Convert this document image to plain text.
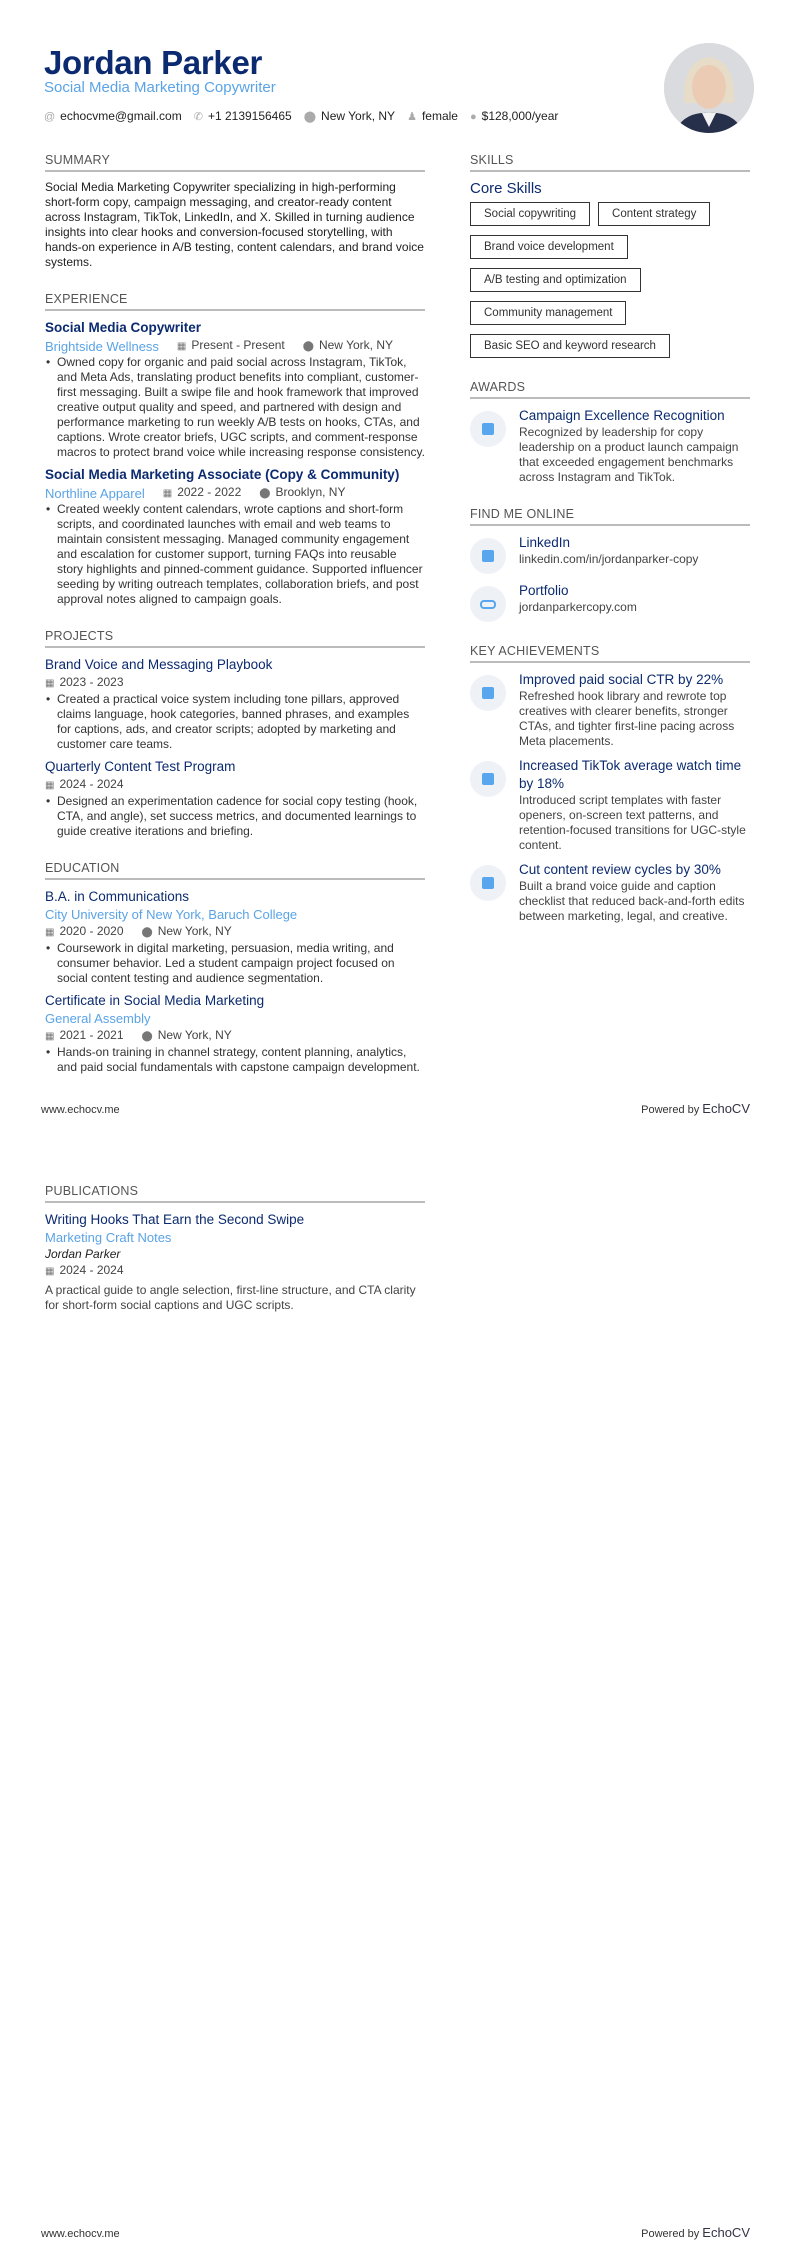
Jordan Parker
Social Media Marketing Copywriter
@ echocvme@gmail.com ✆ +1 2139156465 ⬤ New York, NY ♟ female ● $128,000/year
SUMMARY
Social Media Marketing Copywriter specializing in high-performing short-form copy, campaign messaging, and creator-ready content across Instagram, TikTok, LinkedIn, and X. Skilled in turning audience insights into clear hooks and conversion-focused storytelling, with hands-on experience in A/B testing, content calendars, and brand voice systems.
EXPERIENCE
Social Media Copywriter
Brightside Wellness ▦ Present - Present ⬤ New York, NY
• Owned copy for organic and paid social across Instagram, TikTok, and Meta Ads, translating product benefits into compliant, customer-first messaging. Built a swipe file and hook framework that improved creative output quality and speed, and partnered with design and performance marketing to run weekly A/B tests on hooks, CTAs, and captions. Wrote creator briefs, UGC scripts, and comment-response macros to protect brand voice while increasing response consistency.
Social Media Marketing Associate (Copy & Community)
Northline Apparel ▦ 2022 - 2022 ⬤ Brooklyn, NY
• Created weekly content calendars, wrote captions and short-form scripts, and coordinated launches with email and web teams to maintain consistent messaging. Managed community engagement and escalation for customer support, turning FAQs into reusable story highlights and pinned-comment guidance. Supported influencer seeding by writing outreach templates, collaboration briefs, and post approval notes aligned to campaign goals.
PROJECTS
Brand Voice and Messaging Playbook
▦ 2023 - 2023
• Created a practical voice system including tone pillars, approved claims language, hook categories, banned phrases, and examples for captions, ads, and creator scripts; adopted by marketing and customer care teams.
Quarterly Content Test Program
▦ 2024 - 2024
• Designed an experimentation cadence for social copy testing (hook, CTA, and angle), set success metrics, and documented learnings to guide creative iterations and briefing.
EDUCATION
B.A. in Communications
City University of New York, Baruch College
▦ 2020 - 2020 ⬤ New York, NY
• Coursework in digital marketing, persuasion, media writing, and consumer behavior. Led a student campaign project focused on social content testing and audience segmentation.
Certificate in Social Media Marketing
General Assembly
▦ 2021 - 2021 ⬤ New York, NY
• Hands-on training in channel strategy, content planning, analytics, and paid social fundamentals with capstone campaign development.
SKILLS
Core Skills
Social copywriting	Content strategy
Brand voice development
A/B testing and optimization
Community management
Basic SEO and keyword research
AWARDS
Campaign Excellence Recognition
Recognized by leadership for copy leadership on a product launch campaign that exceeded engagement benchmarks across Instagram and TikTok.
FIND ME ONLINE
LinkedIn
linkedin.com/in/jordanparker-copy
Portfolio
jordanparkercopy.com
KEY ACHIEVEMENTS
Improved paid social CTR by 22%
Refreshed hook library and rewrote top creatives with clearer benefits, stronger CTAs, and tighter first-line pacing across Meta placements.
Increased TikTok average watch time by 18%
Introduced script templates with faster openers, on-screen text patterns, and retention-focused transitions for UGC-style content.
Cut content review cycles by 30%
Built a brand voice guide and caption checklist that reduced back-and-forth edits between marketing, legal, and creative.
www.echocv.me	Powered by EchoCV
PUBLICATIONS
Writing Hooks That Earn the Second Swipe
Marketing Craft Notes
Jordan Parker
▦ 2024 - 2024
A practical guide to angle selection, first-line structure, and CTA clarity for short-form social captions and UGC scripts.
www.echocv.me	Powered by EchoCV
